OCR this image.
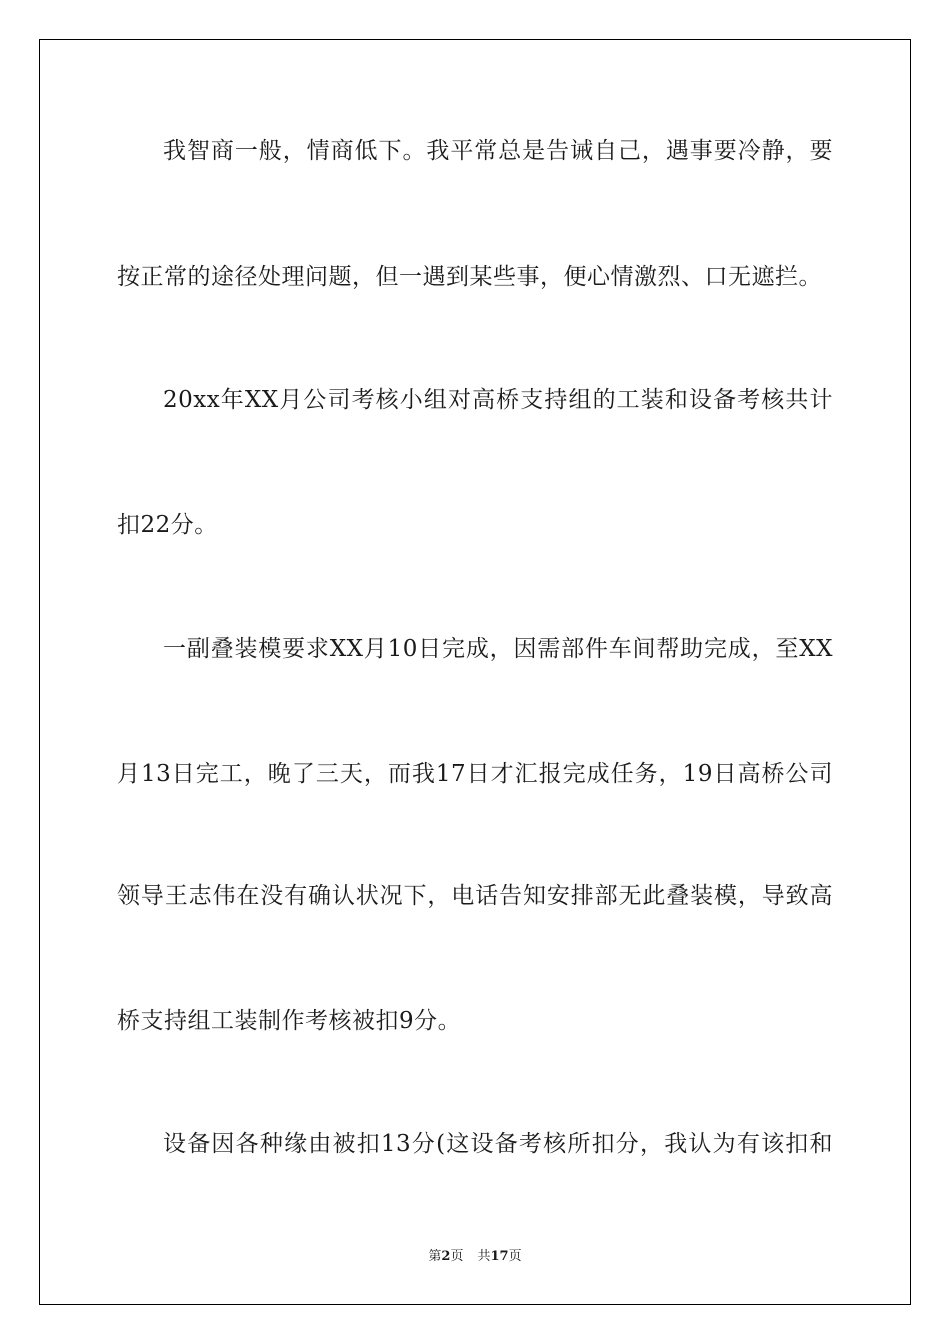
我智商一般，情商低下。我平常总是告诫自己，遇事要冷静，要
按正常的途径处理问题，但一遇到某些事，便心情激烈、口无遮拦。
20xx年XX月公司考核小组对高桥支持组的工装和设备考核共计
扣22分。
一副叠装模要求XX月10日完成，因需部件车间帮助完成，至XX
月13日完工，晚了三天，而我17日才汇报完成任务，19日高桥公司
领导王志伟在没有确认状况下，电话告知安排部无此叠装模，导致高
桥支持组工装制作考核被扣9分。
设备因各种缘由被扣13分(这设备考核所扣分，我认为有该扣和
第2页 共17页
